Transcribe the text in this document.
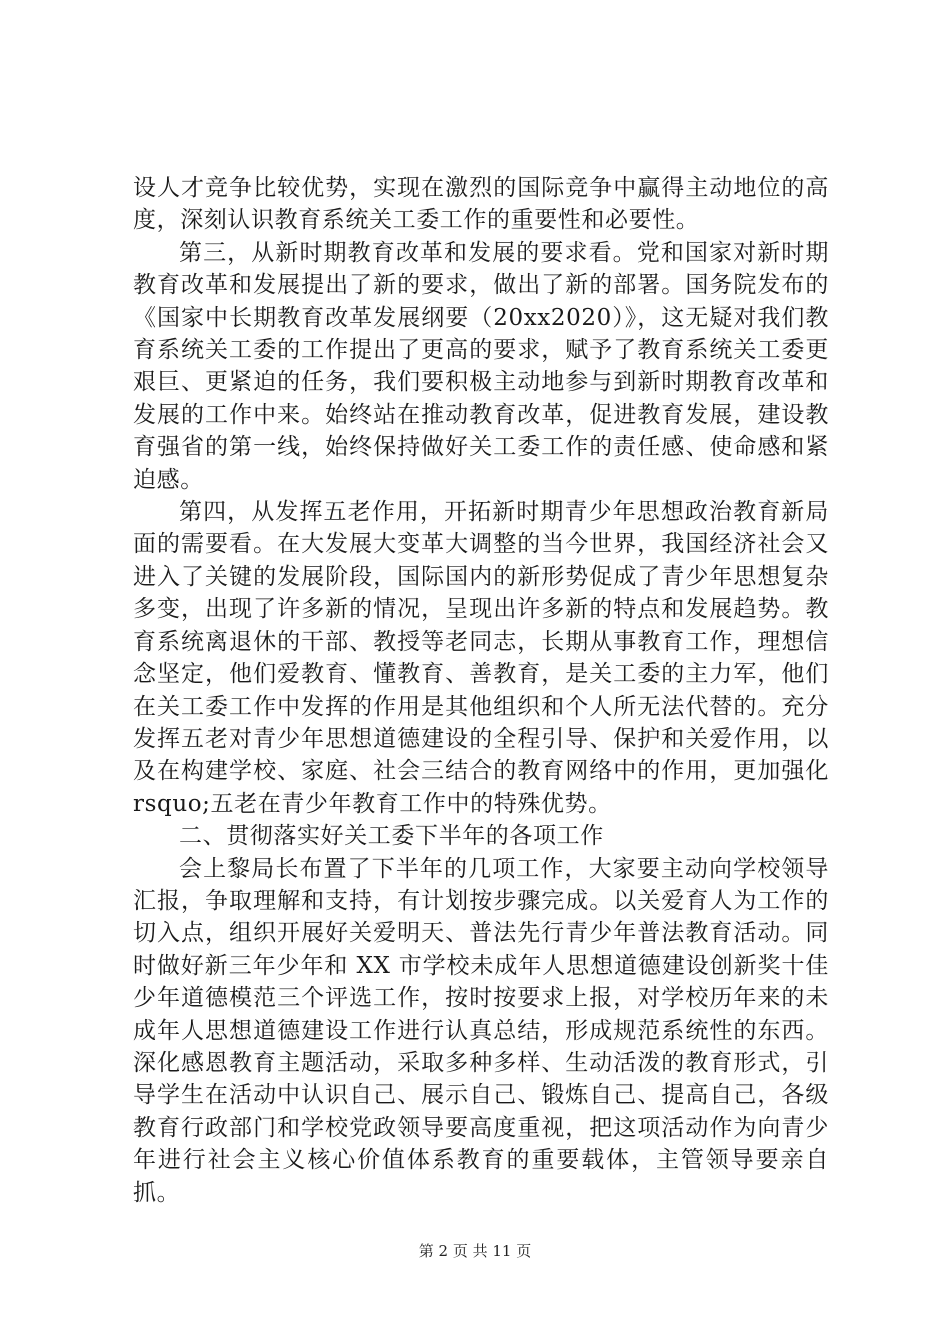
设人才竞争比较优势，实现在激烈的国际竞争中赢得主动地位的高度，深刻认识教育系统关工委工作的重要性和必要性。

第三，从新时期教育改革和发展的要求看。党和国家对新时期教育改革和发展提出了新的要求，做出了新的部署。国务院发布的《国家中长期教育改革发展纲要（20xx2020）》，这无疑对我们教育系统关工委的工作提出了更高的要求，赋予了教育系统关工委更艰巨、更紧迫的任务，我们要积极主动地参与到新时期教育改革和发展的工作中来。始终站在推动教育改革，促进教育发展，建设教育强省的第一线，始终保持做好关工委工作的责任感、使命感和紧迫感。

第四，从发挥五老作用，开拓新时期青少年思想政治教育新局面的需要看。在大发展大变革大调整的当今世界，我国经济社会又进入了关键的发展阶段，国际国内的新形势促成了青少年思想复杂多变，出现了许多新的情况，呈现出许多新的特点和发展趋势。教育系统离退休的干部、教授等老同志，长期从事教育工作，理想信念坚定，他们爱教育、懂教育、善教育，是关工委的主力军，他们在关工委工作中发挥的作用是其他组织和个人所无法代替的。充分发挥五老对青少年思想道德建设的全程引导、保护和关爱作用，以及在构建学校、家庭、社会三结合的教育网络中的作用，更加强化 rsquo;五老在青少年教育工作中的特殊优势。

二、贯彻落实好关工委下半年的各项工作

会上黎局长布置了下半年的几项工作，大家要主动向学校领导汇报，争取理解和支持，有计划按步骤完成。以关爱育人为工作的切入点，组织开展好关爱明天、普法先行青少年普法教育活动。同时做好新三年少年和 XX 市学校未成年人思想道德建设创新奖十佳少年道德模范三个评选工作，按时按要求上报，对学校历年来的未成年人思想道德建设工作进行认真总结，形成规范系统性的东西。深化感恩教育主题活动，采取多种多样、生动活泼的教育形式，引导学生在活动中认识自己、展示自己、锻炼自己、提高自己，各级教育行政部门和学校党政领导要高度重视，把这项活动作为向青少年进行社会主义核心价值体系教育的重要载体，主管领导要亲自抓。

第 2 页 共 11 页
